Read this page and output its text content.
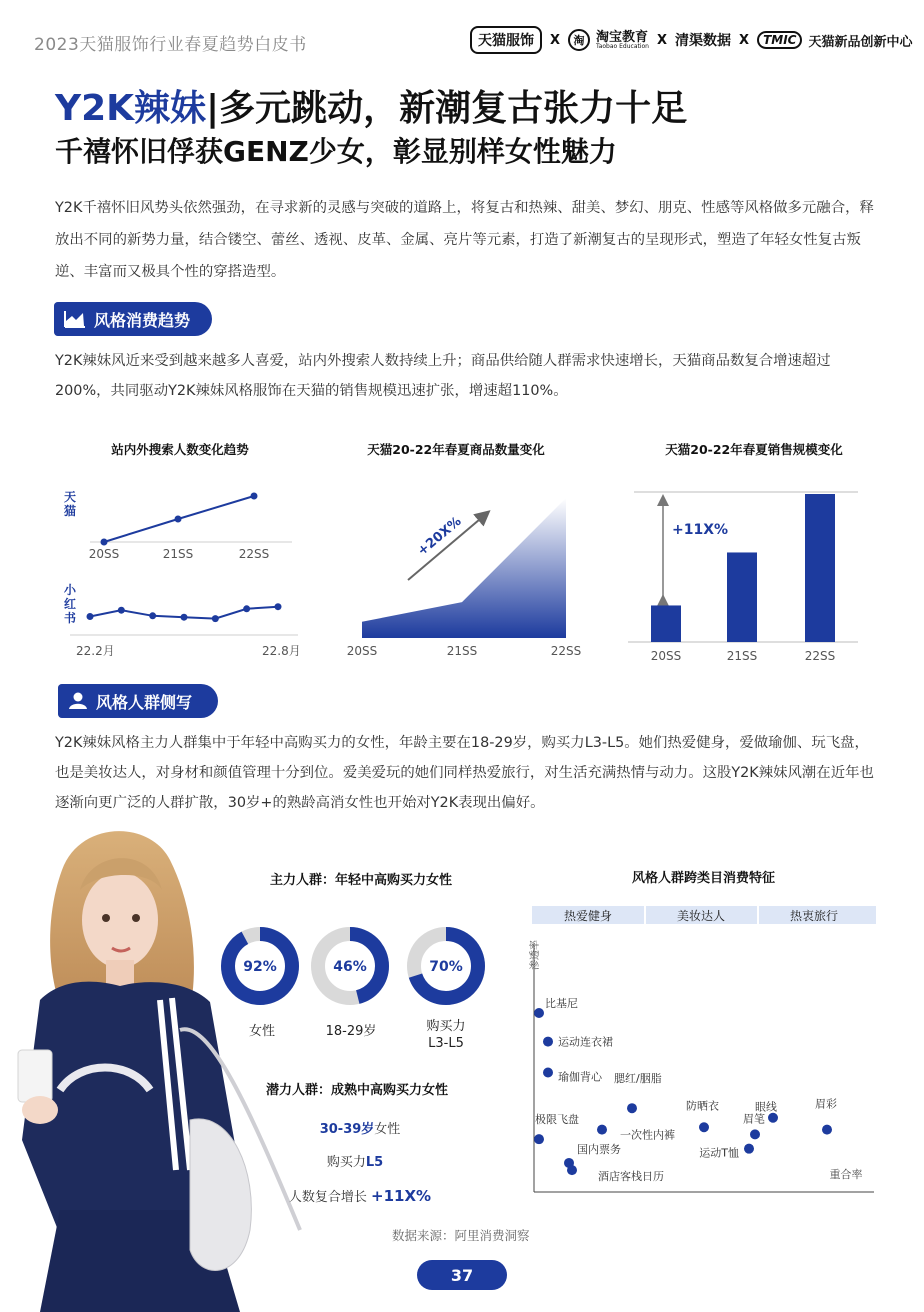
2023天猫服饰行业春夏趋势白皮书	天猫服饰	X	淘 淘宝教育
Taobao Education X 清渠数据 X	TMIC 天猫新品创新中心
Y2K辣妹|多元跳动，新潮复古张力十足
千禧怀旧俘获GENZ少女，彰显别样女性魅力
Y2K千禧怀旧风势头依然强劲，在寻求新的灵感与突破的道路上，将复古和热辣、甜美、梦幻、朋克、性感等风格做多元融合，释放出不同的新势力量，结合镂空、蕾丝、透视、皮革、金属、亮片等元素，打造了新潮复古的呈现形式，塑造了年轻女性复古叛逆、丰富而又极具个性的穿搭造型。
风格消费趋势
Y2K辣妹风近来受到越来越多人喜爱，站内外搜索人数持续上升；商品供给随人群需求快速增长，天猫商品数复合增速超过200%，共同驱动Y2K辣妹风格服饰在天猫的销售规模迅速扩张，增速超110%。
站内外搜索人数变化趋势
20SS	21SS	22SS
天猫
小红书
22.2月	22.8月
天猫20-22年春夏商品数量变化
+20X%
20SS	21SS	22SS
天猫20-22年春夏销售规模变化
+11X%
20SS	21SS	22SS
风格人群侧写
Y2K辣妹风格主力人群集中于年轻中高购买力的女性，年龄主要在18-29岁，购买力L3-L5。她们热爱健身，爱做瑜伽、玩飞盘，也是美妆达人，对身材和颜值管理十分到位。爱美爱玩的她们同样热爱旅行，对生活充满热情与动力。这股Y2K辣妹风潮在近年也逐渐向更广泛的人群扩散，30岁+的熟龄高消女性也开始对Y2K表现出偏好。
主力人群：年轻中高购买力女性
92%	46%	70%
女性	18-29岁	购买力
L3-L5
潜力人群：成熟中高购买力女性
30-39岁女性
购买力L5
人数复合增长 +11X%
风格人群跨类目消费特征
热爱健身	美妆达人	热衷旅行
渗透率
重合率
比基尼
运动连衣裙
瑜伽背心 腮红/胭脂
极限飞盘
一次性内裤
国内票务
酒店客栈日历
防晒衣
眉笔
眼线
运动T恤
眉彩
数据来源：阿里消费洞察
37
